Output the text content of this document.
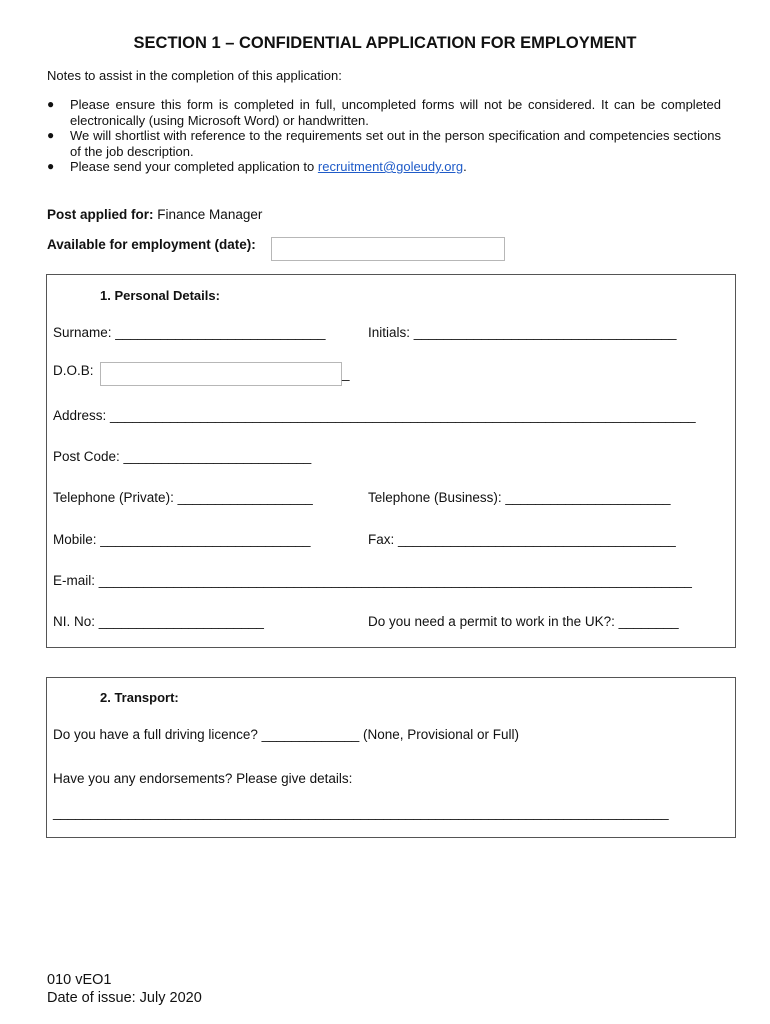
SECTION 1 – CONFIDENTIAL APPLICATION FOR EMPLOYMENT
Notes to assist in the completion of this application:
● Please ensure this form is completed in full, uncompleted forms will not be considered. It can be completed electronically (using Microsoft Word) or handwritten.
● We will shortlist with reference to the requirements set out in the person specification and competencies sections of the job description.
● Please send your completed application to recruitment@goleudy.org.
Post applied for: Finance Manager
Available for employment (date):
1. Personal Details:
Surname: ____________________________	Initials: ___________________________________
D.O.B:	_
Address: ______________________________________________________________________________
Post Code: _________________________
Telephone (Private): __________________	Telephone (Business): ______________________
Mobile: ____________________________	Fax: _____________________________________
E-mail: _______________________________________________________________________________
NI. No: ______________________	Do you need a permit to work in the UK?: ________
2. Transport:
Do you have a full driving licence? _____________ (None, Provisional or Full)
Have you any endorsements? Please give details:
__________________________________________________________________________________
010 vEO1
Date of issue: July 2020
